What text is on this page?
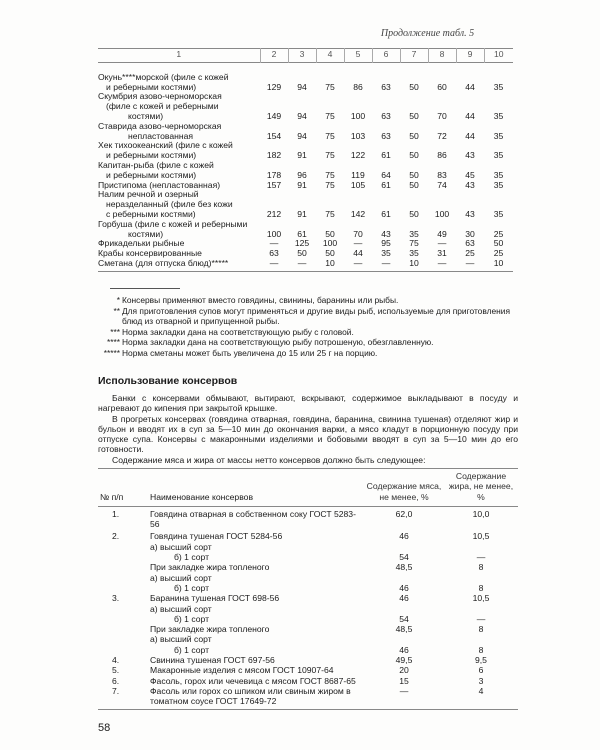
Продолжение табл. 5
1	2	3	4	5	6	7	8	9	10

Окунь****морской (филе с кожей									
и реберными костями)	129	94	75	86	63	50	60	44	35
Скумбрия азово-черноморская									
(филе с кожей и реберными									
костями)	149	94	75	100	63	50	70	44	35
Ставрида азово-черноморская									
непластованная	154	94	75	103	63	50	72	44	35
Хек тихоокеанский (филе с кожей									
и реберными костями)	182	91	75	122	61	50	86	43	35
Капитан-рыба (филе с кожей									
и реберными костями)	178	96	75	119	64	50	83	45	35
Пристипома (непластованная)	157	91	75	105	61	50	74	43	35
Налим речной и озерный									
неразделанный (филе без кожи									
с реберными костями)	212	91	75	142	61	50	100	43	35
Горбуша (филе с кожей и реберными									
костями)	100	61	50	70	43	35	49	30	25
Фрикадельки рыбные	—	125	100	—	95	75	—	63	50
Крабы консервированные	63	50	50	44	35	35	31	25	25
Сметана (для отпуска блюд)*****	—	—	10	—	—	10	—	—	10
* Консервы применяют вместо говядины, свинины, баранины или рыбы.
** Для приготовления супов могут применяться и другие виды рыб, используемые для приготовления
блюд из отварной и припущенной рыбы.
*** Норма закладки дана на соответствующую рыбу с головой.
**** Норма закладки дана на соответствующую рыбу потрошеную, обезглавленную.
***** Норма сметаны может быть увеличена до 15 или 25 г на порцию.
Использование консервов

Банки с консервами обмывают, вытирают, вскрывают, содержимое выкладывают в посуду и нагревают до кипения при закрытой крышке.

В прогретых консервах (говядина отварная, говядина, баранина, свинина тушеная) отделяют жир и бульон и вводят их в суп за 5—10 мин до окончания варки, а мясо кладут в порционную посуду при отпуске супа. Консервы с макаронными изделиями и бобовыми вводят в суп за 5—10 мин до его готовности.

Содержание мяса и жира от массы нетто консервов должно быть следующее:

№ п/п	Наименование консервов	Содержание мяса, не менее, %	Содержание жира, не менее, %
1.	Говядина отварная в собственном соку ГОСТ 5283-56	62,0	10,0
2.	Говядина тушеная ГОСТ 5284-56	46	10,5
	а) высший сорт		
	б) 1 сорт	54	—
	При закладке жира топленого	48,5	8
	а) высший сорт		
	б) 1 сорт	46	8
3.	Баранина тушеная ГОСТ 698-56	46	10,5
	а) высший сорт		
	б) 1 сорт	54	—
	При закладке жира топленого	48,5	8
	а) высший сорт		
	б) 1 сорт	46	8
4.	Свинина тушеная ГОСТ 697-56	49,5	9,5
5.	Макаронные изделия с мясом ГОСТ 10907-64	20	6
6.	Фасоль, горох или чечевица с мясом ГОСТ 8687-65	15	3
7.	Фасоль или горох со шпиком или свиным жиром в томатном соусе ГОСТ 17649-72	—	4
58
